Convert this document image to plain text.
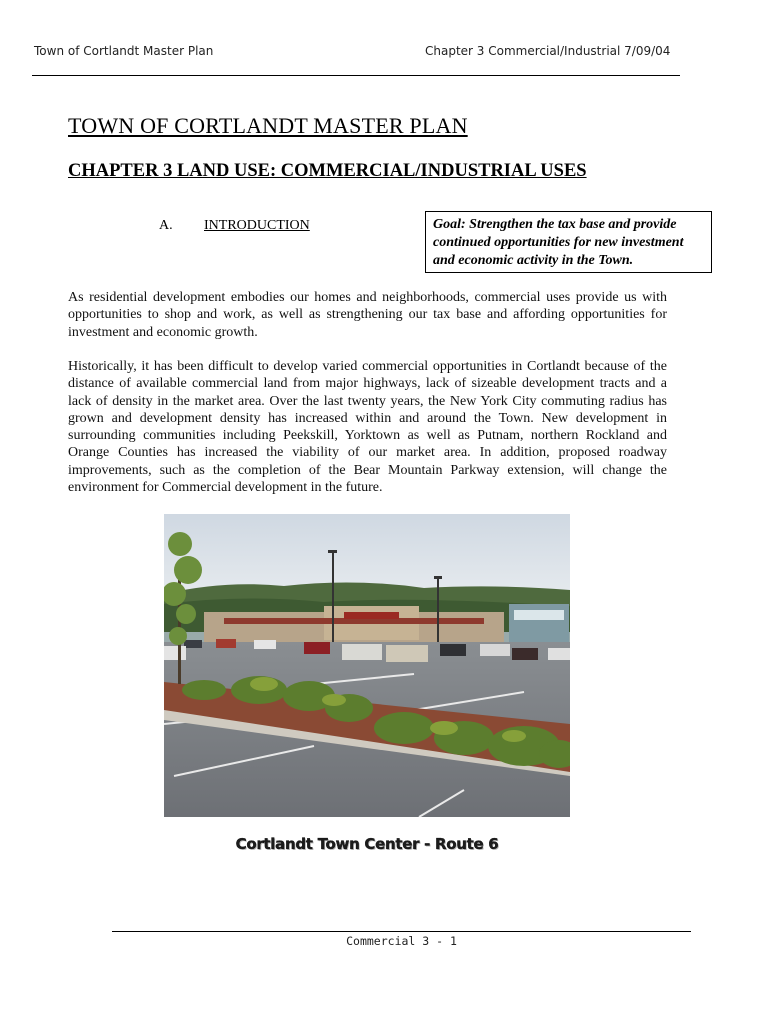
Town of Cortlandt Master Plan	Chapter 3 Commercial/Industrial 7/09/04
TOWN OF CORTLANDT MASTER PLAN
CHAPTER 3 LAND USE: COMMERCIAL/INDUSTRIAL USES
A. INTRODUCTION	Goal: Strengthen the tax base and provide continued opportunities for new investment and economic activity in the Town.

As residential development embodies our homes and neighborhoods, commercial uses provide us with opportunities to shop and work, as well as strengthening our tax base and affording opportunities for investment and economic growth.

Historically, it has been difficult to develop varied commercial opportunities in Cortlandt because of the distance of available commercial land from major highways, lack of sizeable development tracts and a lack of density in the market area. Over the last twenty years, the New York City commuting radius has grown and development density has increased within and around the Town. New development in surrounding communities including Peekskill, Yorktown as well as Putnam, northern Rockland and Orange Counties has increased the viability of our market area. In addition, proposed roadway improvements, such as the completion of the Bear Mountain Parkway extension, will change the environment for Commercial development in the future.

Cortlandt Town Center - Route 6
Commercial 3 - 1
